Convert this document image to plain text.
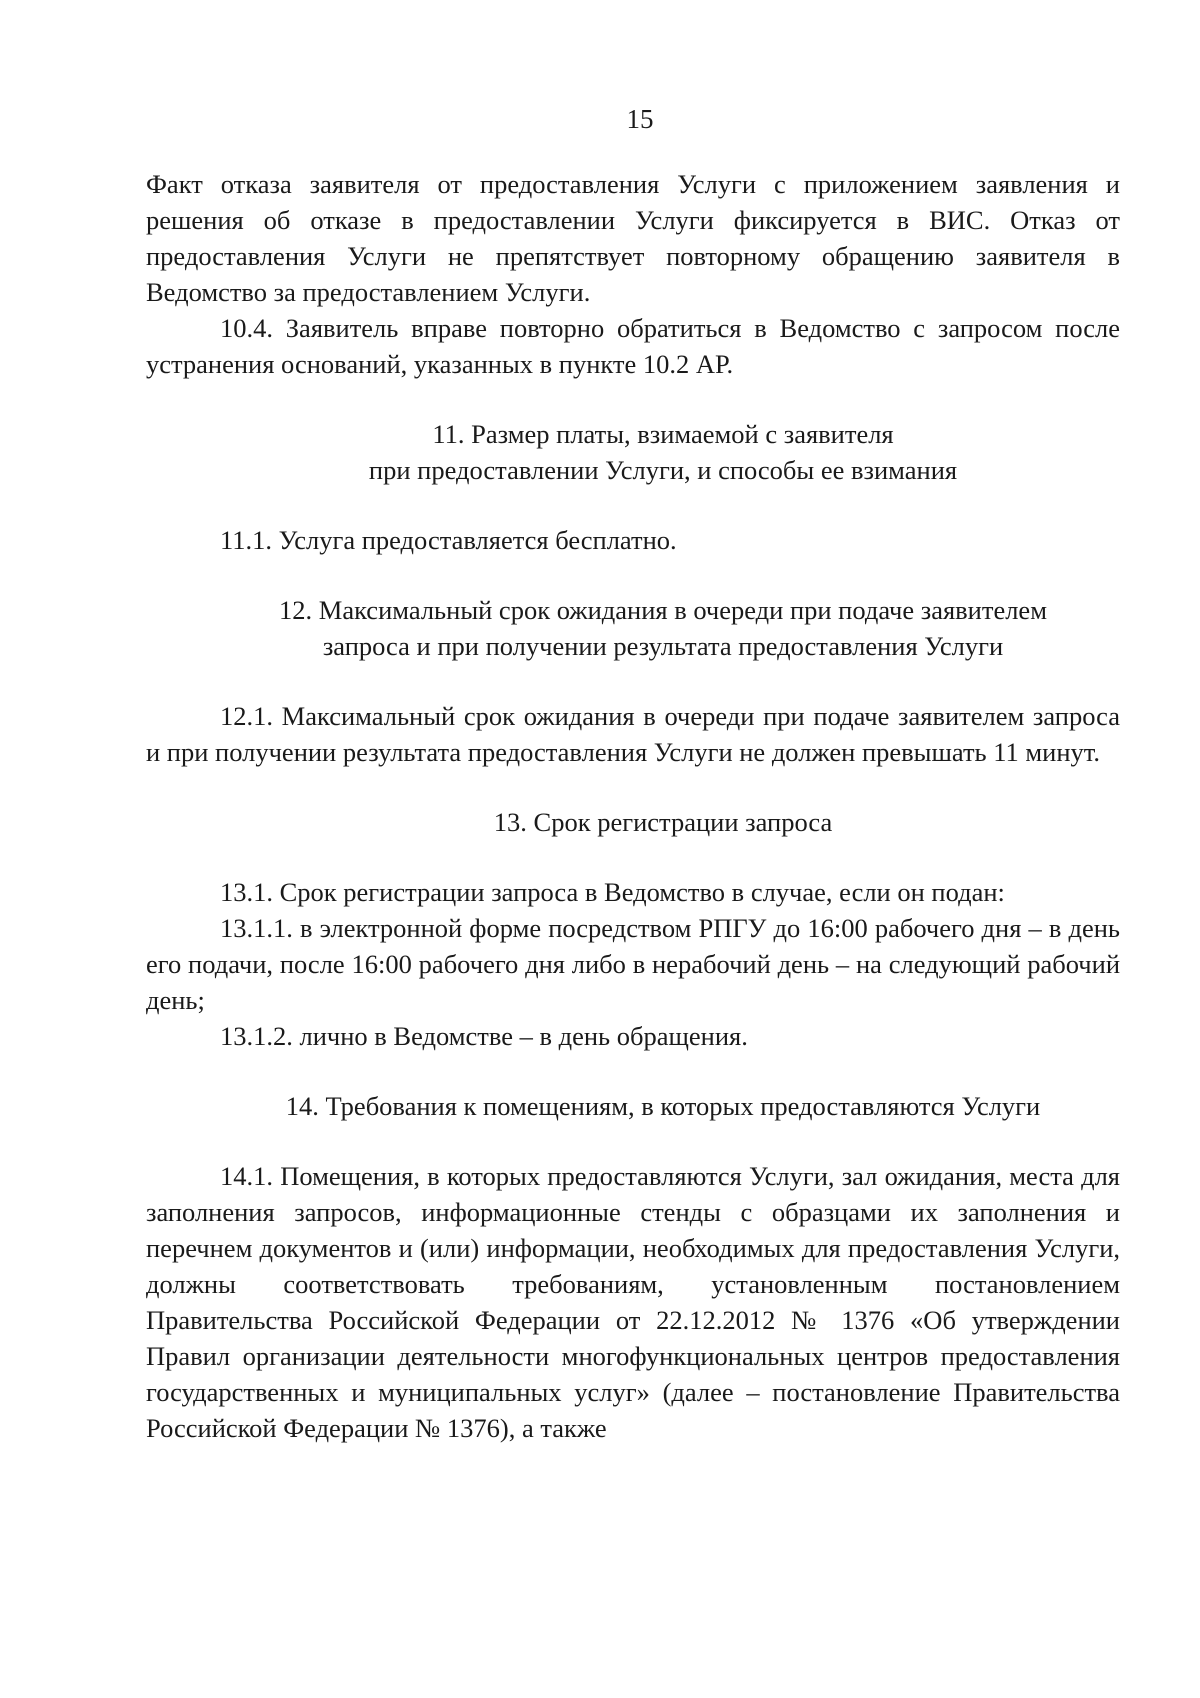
15

Факт отказа заявителя от предоставления Услуги с приложением заявления и решения об отказе в предоставлении Услуги фиксируется в ВИС. Отказ от предоставления Услуги не препятствует повторному обращению заявителя в Ведомство за предоставлением Услуги.

10.4. Заявитель вправе повторно обратиться в Ведомство с запросом после устранения оснований, указанных в пункте 10.2 АР.

11. Размер платы, взимаемой с заявителя

при предоставлении Услуги, и способы ее взимания

11.1. Услуга предоставляется бесплатно.

12. Максимальный срок ожидания в очереди при подаче заявителем

запроса и при получении результата предоставления Услуги

12.1. Максимальный срок ожидания в очереди при подаче заявителем запроса и при получении результата предоставления Услуги не должен превышать 11 минут.

13. Срок регистрации запроса

13.1. Срок регистрации запроса в Ведомство в случае, если он подан:

13.1.1. в электронной форме посредством РПГУ до 16:00 рабочего дня – в день его подачи, после 16:00 рабочего дня либо в нерабочий день – на следующий рабочий день;

13.1.2. лично в Ведомстве – в день обращения.

14. Требования к помещениям, в которых предоставляются Услуги

14.1. Помещения, в которых предоставляются Услуги, зал ожидания, места для заполнения запросов, информационные стенды с образцами их заполнения и перечнем документов и (или) информации, необходимых для предоставления Услуги, должны соответствовать требованиям, установленным постановлением Правительства Российской Федерации от 22.12.2012 № 1376 «Об утверждении Правил организации деятельности многофункциональных центров предоставления государственных и муниципальных услуг» (далее – постановление Правительства Российской Федерации № 1376), а также
